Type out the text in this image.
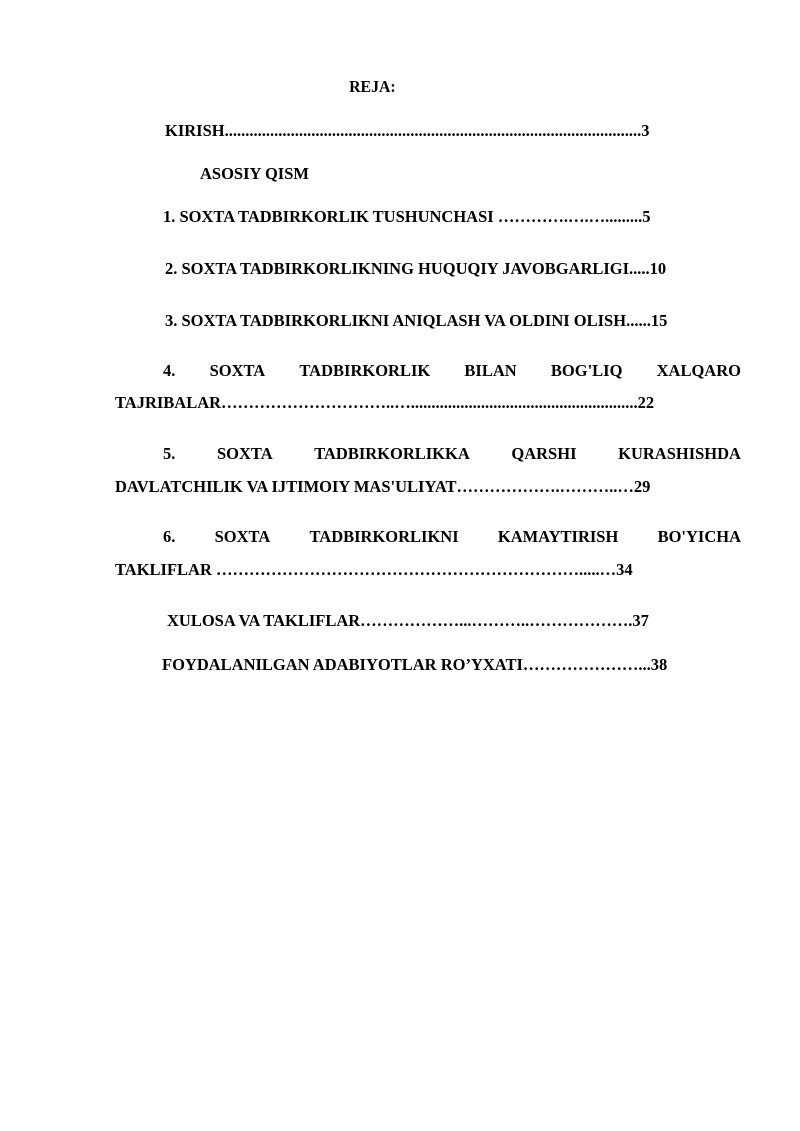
REJA:
KIRISH.....................................................................................................3
ASOSIY QISM
1. SOXTA TADBIRKORLIK TUSHUNCHASI ………….….….........5
2. SOXTA TADBIRKORLIKNING HUQUQIY JAVOBGARLIGI.....10
3. SOXTA TADBIRKORLIKNI ANIQLASH VA OLDINI OLISH......15
4. SOXTA TADBIRKORLIK BILAN BOG'LIQ XALQARO
TAJRIBALAR…………………………..….......................................................22
5.	SOXTA	TADBIRKORLIKKA	QARSHI	KURASHISHDA
DAVLATCHILIK VA IJTIMOIY MAS'ULIYAT……………….………..…29
6. SOXTA TADBIRKORLIKNI KAMAYTIRISH BO'YICHA
TAKLIFLAR ………………………………………………………….....…34
XULOSA VA TAKLIFLAR………………...………..……………….37
FOYDALANILGAN ADABIYOTLAR RO’YXATI…………………...38
